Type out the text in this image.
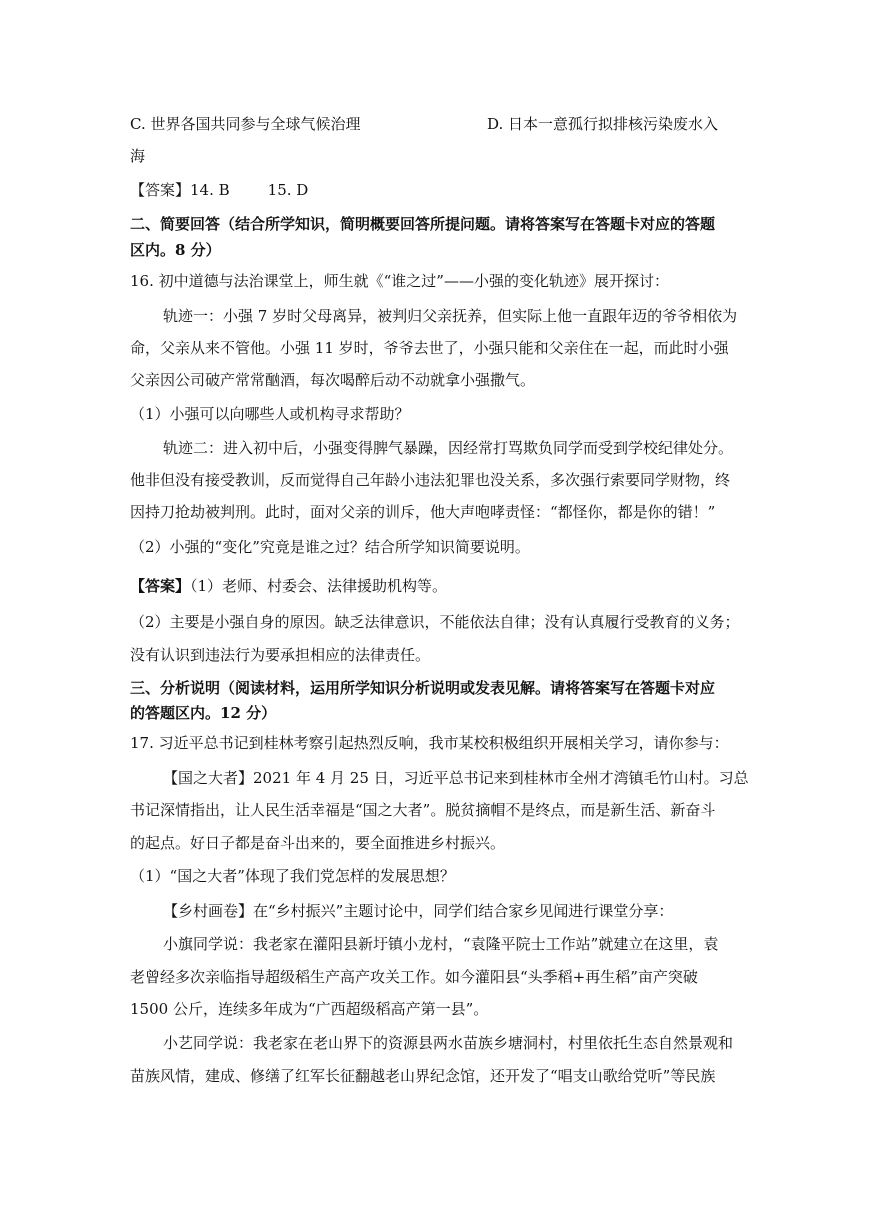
C. 世界各国共同参与全球气候治理	D. 日本一意孤行拟排核污染废水入
海
【答案】14. B	15. D
二、简要回答（结合所学知识，简明概要回答所提问题。请将答案写在答题卡对应的答题
区内。8 分）
16. 初中道德与法治课堂上，师生就《“谁之过”——小强的变化轨迹》展开探讨：
轨迹一：小强 7 岁时父母离异，被判归父亲抚养，但实际上他一直跟年迈的爷爷相依为
命，父亲从来不管他。小强 11 岁时，爷爷去世了，小强只能和父亲住在一起，而此时小强
父亲因公司破产常常酗酒，每次喝醉后动不动就拿小强撒气。
（1）小强可以向哪些人或机构寻求帮助？
轨迹二：进入初中后，小强变得脾气暴躁，因经常打骂欺负同学而受到学校纪律处分。
他非但没有接受教训，反而觉得自己年龄小违法犯罪也没关系，多次强行索要同学财物，终
因持刀抢劫被判刑。此时，面对父亲的训斥，他大声咆哮责怪：“都怪你，都是你的错！”
（2）小强的“变化”究竟是谁之过？结合所学知识简要说明。
【答案】（1）老师、村委会、法律援助机构等。
（2）主要是小强自身的原因。缺乏法律意识，不能依法自律；没有认真履行受教育的义务；
没有认识到违法行为要承担相应的法律责任。
三、分析说明（阅读材料，运用所学知识分析说明或发表见解。请将答案写在答题卡对应
的答题区内。12 分）
17. 习近平总书记到桂林考察引起热烈反响，我市某校积极组织开展相关学习，请你参与：
【国之大者】2021 年 4 月 25 日，习近平总书记来到桂林市全州才湾镇毛竹山村。习总
书记深情指出，让人民生活幸福是“国之大者”。脱贫摘帽不是终点，而是新生活、新奋斗
的起点。好日子都是奋斗出来的，要全面推进乡村振兴。
（1）“国之大者”体现了我们党怎样的发展思想？
【乡村画卷】在“乡村振兴”主题讨论中，同学们结合家乡见闻进行课堂分享：
小旗同学说：我老家在灌阳县新圩镇小龙村，“袁隆平院士工作站”就建立在这里，袁
老曾经多次亲临指导超级稻生产高产攻关工作。如今灌阳县“头季稻+再生稻”亩产突破
1500 公斤，连续多年成为“广西超级稻高产第一县”。
小艺同学说：我老家在老山界下的资源县两水苗族乡塘洞村，村里依托生态自然景观和
苗族风情，建成、修缮了红军长征翻越老山界纪念馆，还开发了“唱支山歌给党听”等民族
